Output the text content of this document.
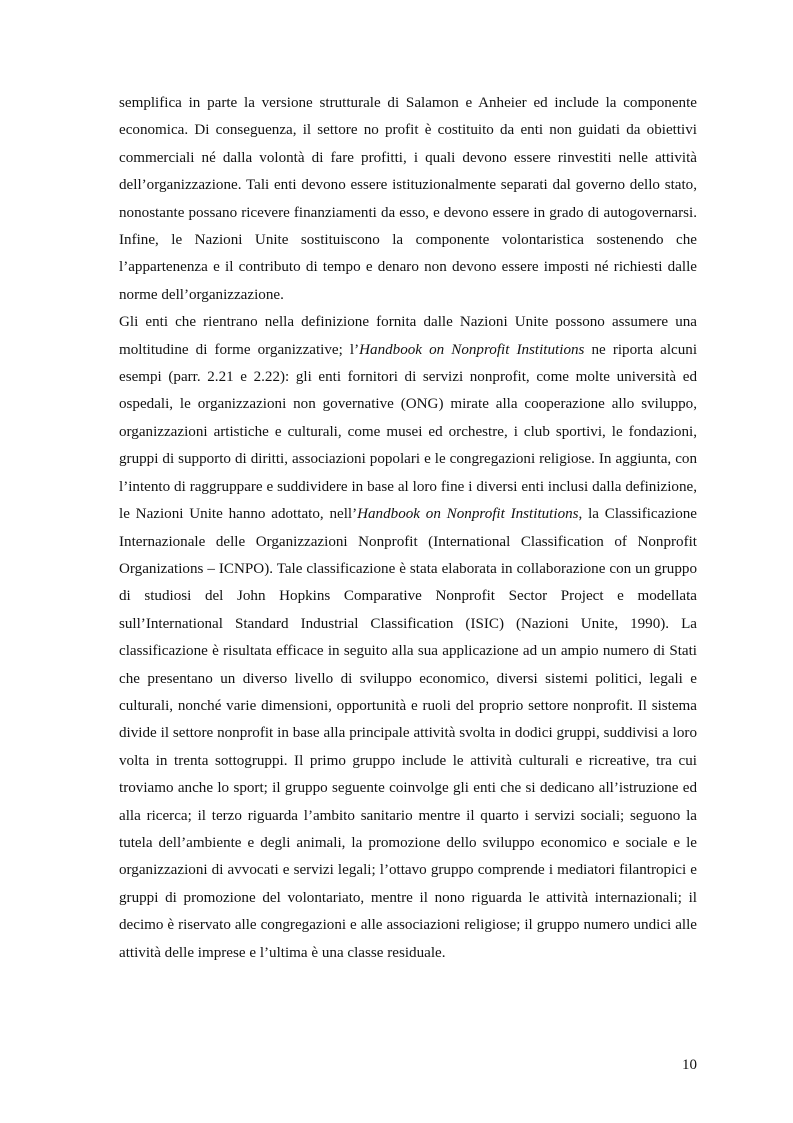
semplifica in parte la versione strutturale di Salamon e Anheier ed include la componente economica. Di conseguenza, il settore no profit è costituito da enti non guidati da obiettivi commerciali né dalla volontà di fare profitti, i quali devono essere rinvestiti nelle attività dell’organizzazione. Tali enti devono essere istituzionalmente separati dal governo dello stato, nonostante possano ricevere finanziamenti da esso, e devono essere in grado di autogovernarsi. Infine, le Nazioni Unite sostituiscono la componente volontaristica sostenendo che l’appartenenza e il contributo di tempo e denaro non devono essere imposti né richiesti dalle norme dell’organizzazione.

Gli enti che rientrano nella definizione fornita dalle Nazioni Unite possono assumere una moltitudine di forme organizzative; l’Handbook on Nonprofit Institutions ne riporta alcuni esempi (parr. 2.21 e 2.22): gli enti fornitori di servizi nonprofit, come molte università ed ospedali, le organizzazioni non governative (ONG) mirate alla cooperazione allo sviluppo, organizzazioni artistiche e culturali, come musei ed orchestre, i club sportivi, le fondazioni, gruppi di supporto di diritti, associazioni popolari e le congregazioni religiose. In aggiunta, con l’intento di raggruppare e suddividere in base al loro fine i diversi enti inclusi dalla definizione, le Nazioni Unite hanno adottato, nell’Handbook on Nonprofit Institutions, la Classificazione Internazionale delle Organizzazioni Nonprofit (International Classification of Nonprofit Organizations – ICNPO). Tale classificazione è stata elaborata in collaborazione con un gruppo di studiosi del John Hopkins Comparative Nonprofit Sector Project e modellata sull’International Standard Industrial Classification (ISIC) (Nazioni Unite, 1990). La classificazione è risultata efficace in seguito alla sua applicazione ad un ampio numero di Stati che presentano un diverso livello di sviluppo economico, diversi sistemi politici, legali e culturali, nonché varie dimensioni, opportunità e ruoli del proprio settore nonprofit. Il sistema divide il settore nonprofit in base alla principale attività svolta in dodici gruppi, suddivisi a loro volta in trenta sottogruppi. Il primo gruppo include le attività culturali e ricreative, tra cui troviamo anche lo sport; il gruppo seguente coinvolge gli enti che si dedicano all’istruzione ed alla ricerca; il terzo riguarda l’ambito sanitario mentre il quarto i servizi sociali; seguono la tutela dell’ambiente e degli animali, la promozione dello sviluppo economico e sociale e le organizzazioni di avvocati e servizi legali; l’ottavo gruppo comprende i mediatori filantropici e gruppi di promozione del volontariato, mentre il nono riguarda le attività internazionali; il decimo è riservato alle congregazioni e alle associazioni religiose; il gruppo numero undici alle attività delle imprese e l’ultima è una classe residuale.

10
